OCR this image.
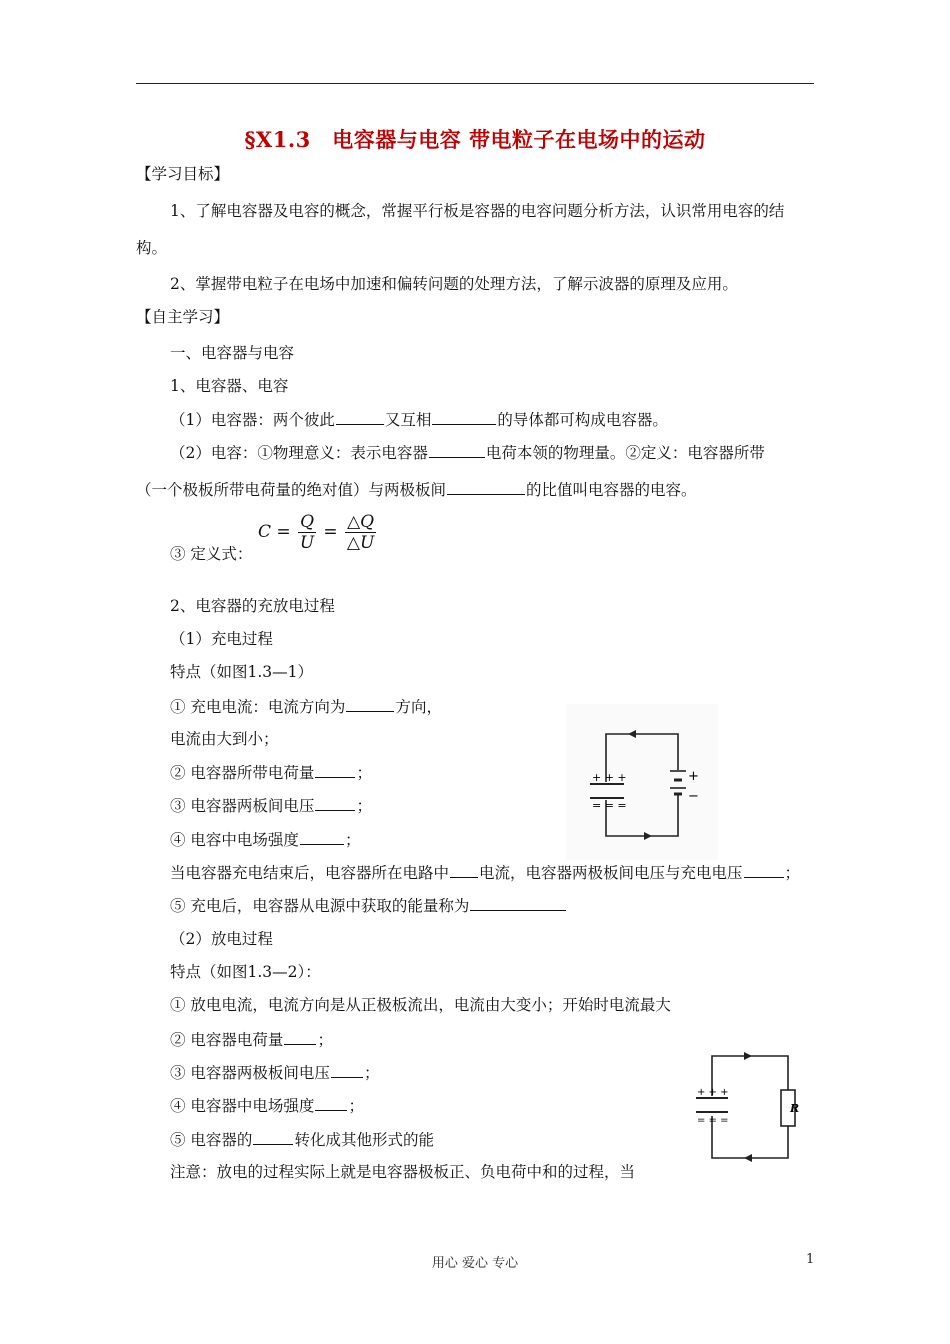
§X1.3　电容器与电容 带电粒子在电场中的运动
【学习目标】
1、了解电容器及电容的概念，常握平行板是容器的电容问题分析方法，认识常用电容的结
构。
2、掌握带电粒子在电场中加速和偏转问题的处理方法，了解示波器的原理及应用。
【自主学习】
一、电容器与电容
1、电容器、电容
（1）电容器：两个彼此	又互相	的导体都可构成电容器。
（2）电容：①物理意义：表示电容器	电荷本领的物理量。②定义：电容器所带
（一个极板所带电荷量的绝对值）与两极板间	的比值叫电容器的电容。
$C = \frac{Q}{U} = \frac{\triangle Q}{\triangle U}$
③ 定义式：
2、电容器的充放电过程
（1）充电过程
特点（如图1.3—1）
① 充电电流：电流方向为	方向，
电流由大到小；
② 电容器所带电荷量	；
③ 电容器两板间电压	；
④ 电容中电场强度	；
当电容器充电结束后，电容器所在电路中 电流，电容器两极板间电压与充电电压	；
⑤ 充电后，电容器从电源中获取的能量称为
（2）放电过程
特点（如图1.3—2）：
① 放电电流，电流方向是从正极板流出，电流由大变小；开始时电流最大
② 电容器电荷量 ；
③ 电容器两极板间电压 ；
④ 电容器中电场强度 ；
⑤ 电容器的	转化成其他形式的能
注意：放电的过程实际上就是电容器极板正、负电荷中和的过程，当
+ + +
= = =
+
−
+ + +
= = =
R
用心 爱心 专心	1
